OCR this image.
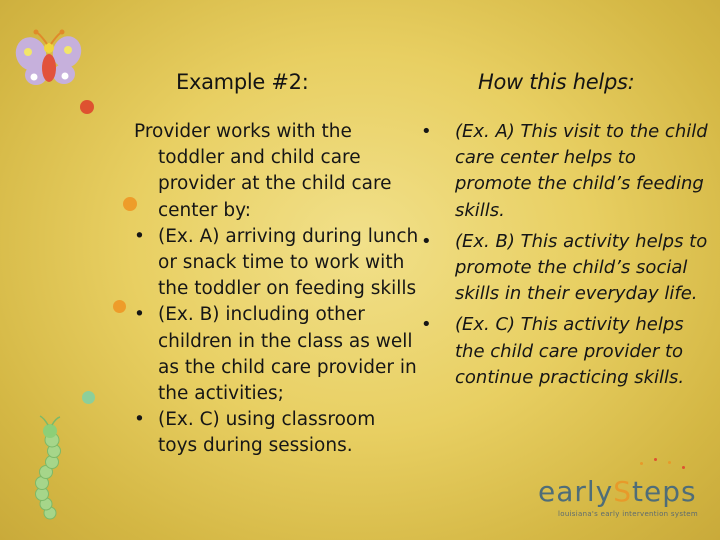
Example #2:	How this helps:
Provider works with the toddler and child care provider at the child care center by:
• (Ex. A) arriving during lunch or snack time to work with the toddler on feeding skills
• (Ex. B) including other children in the class as well as the child care provider in the activities;
• (Ex. C) using classroom toys during sessions.
• (Ex. A) This visit to the child care center helps to promote the child’s feeding skills.
• (Ex. B) This activity helps to promote the child’s social skills in their everyday life.
• (Ex. C) This activity helps the child care provider to continue practicing skills.
earlySteps
louisiana's early intervention system
